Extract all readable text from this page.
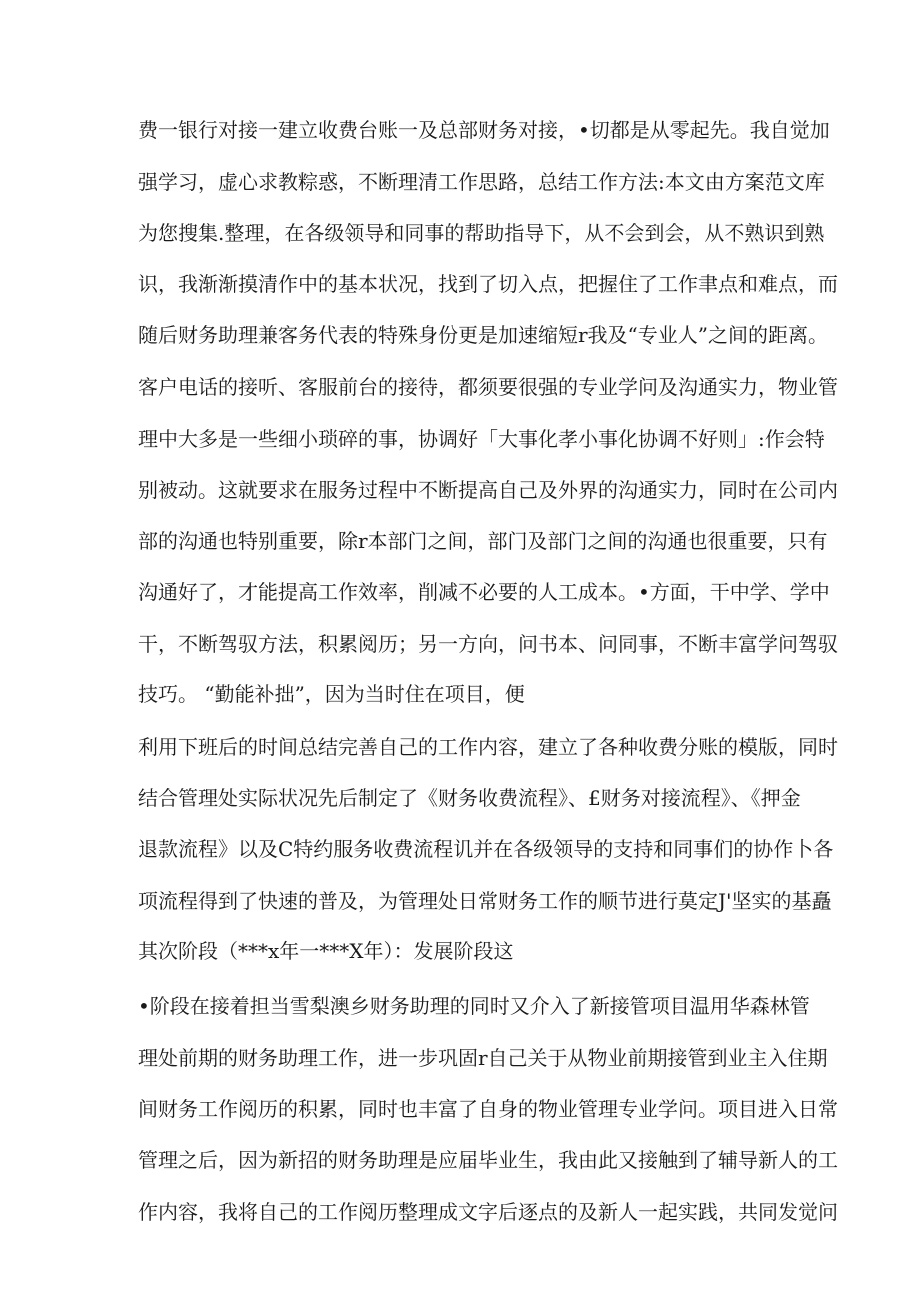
费一银行对接一建立收费台账一及总部财务对接，•切都是从零起先。我自觉加
强学习，虚心求教粽惑，不断理清工作思路，总结工作方法:本文由方案范文库
为您搜集.整理，在各级领导和同事的帮助指导下，从不会到会，从不熟识到熟
识，我渐渐摸清作中的基本状况，找到了切入点，把握住了工作聿点和难点，而
随后财务助理兼客务代表的特殊身份更是加速缩短r我及“专业人”之间的距离。
客户电话的接听、客服前台的接待，都须要很强的专业学问及沟通实力，物业管
理中大多是一些细小琐碎的事，协调好「大事化孝小事化协调不好则」:作会特
别被动。这就要求在服务过程中不断提高自己及外界的沟通实力，同时在公司内
部的沟通也特别重要，除r本部门之间，部门及部门之间的沟通也很重要，只有
沟通好了，才能提高工作效率，削减不必要的人工成本。•方面，干中学、学中
干，不断驾驭方法，积累阅历；另一方向，问书本、问同事，不断丰富学问驾驭
技巧。 “勤能补拙”，因为当时住在项目，便
利用下班后的时间总结完善自己的工作内容，建立了各种收费分账的模版，同时
结合管理处实际状况先后制定了《财务收费流程》、£财务对接流程》、《押金
退款流程》以及C特约服务收费流程讥并在各级领导的支持和同事们的协作卜各
项流程得到了快速的普及，为管理处日常财务工作的顺节进行莫定J'坚实的基矗
其次阶段（***x年一***X年）：发展阶段这
•阶段在接着担当雪梨澳乡财务助理的同时又介入了新接管项目温用华森林管
理处前期的财务助理工作，进一步巩固r自己关于从物业前期接管到业主入住期
间财务工作阅历的积累，同时也丰富了自身的物业管理专业学问。项目进入日常
管理之后，因为新招的财务助理是应届毕业生，我由此又接触到了辅导新人的工
作内容，我将自己的工作阅历整理成文字后逐点的及新人一起实践，共同发觉问
